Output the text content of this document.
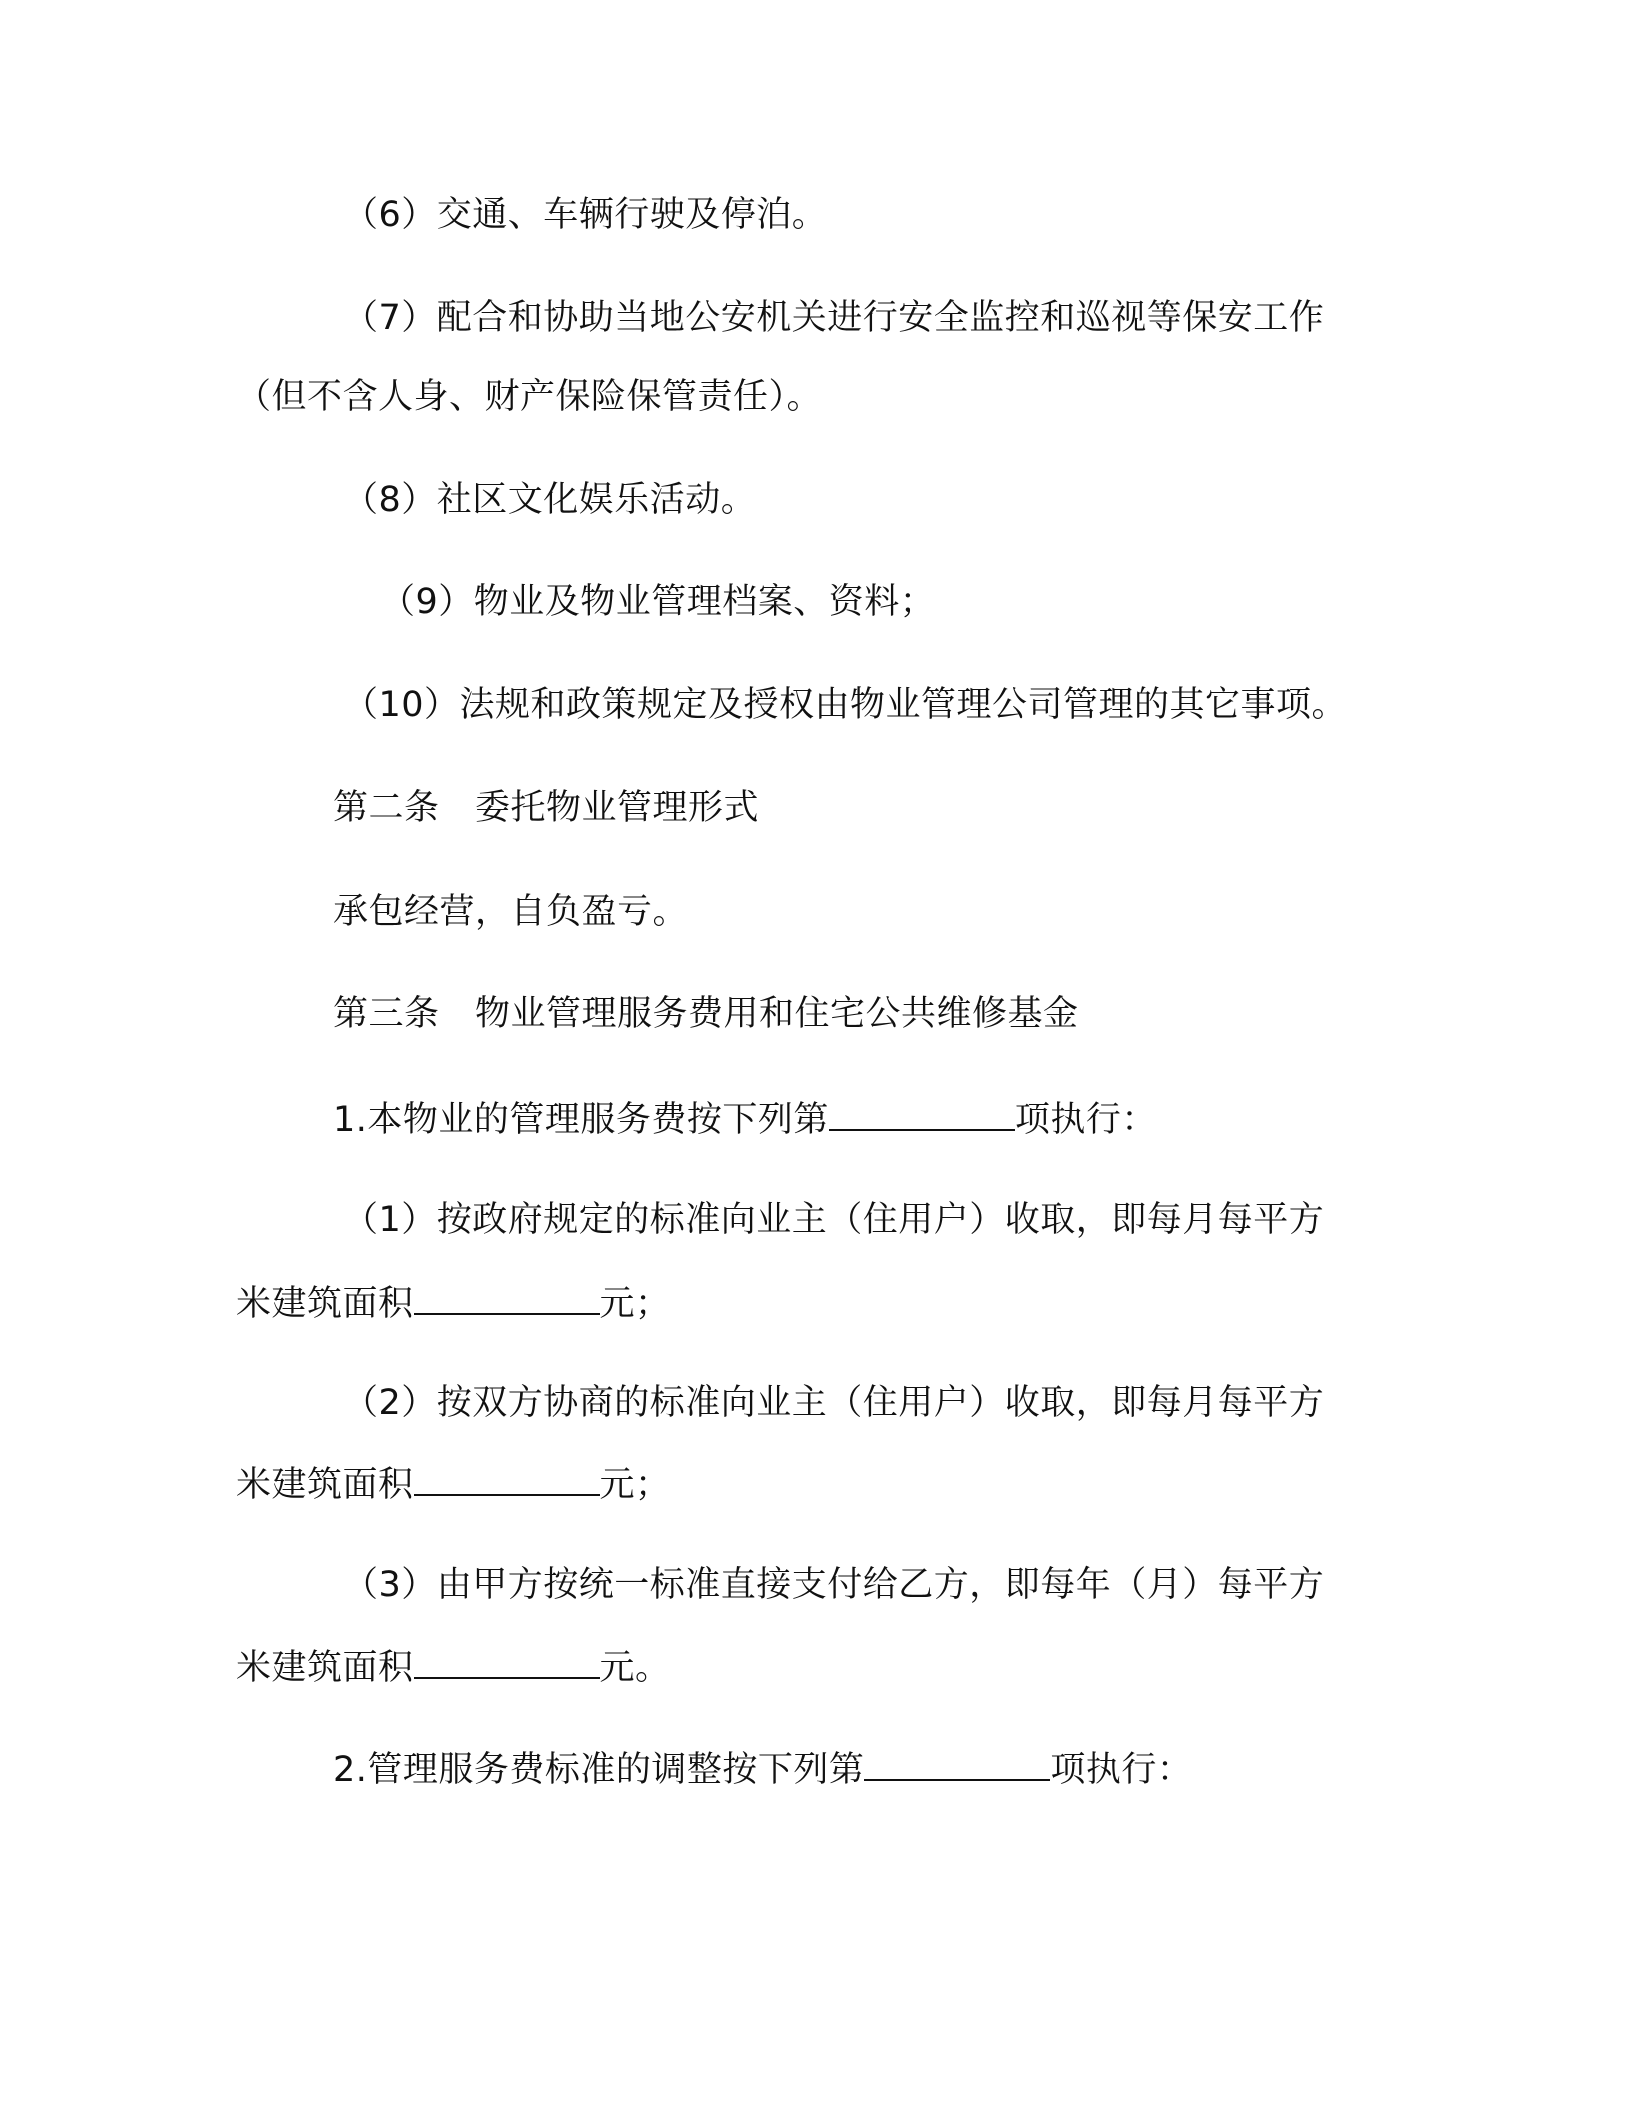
（6）交通、车辆行驶及停泊。
（7）配合和协助当地公安机关进行安全监控和巡视等保安工作
（但不含人身、财产保险保管责任）。
（8）社区文化娱乐活动。
（9）物业及物业管理档案、资料；
（10）法规和政策规定及授权由物业管理公司管理的其它事项。
第二条　委托物业管理形式
承包经营，自负盈亏。
第三条　物业管理服务费用和住宅公共维修基金
1.本物业的管理服务费按下列第	项执行：
（1）按政府规定的标准向业主（住用户）收取，即每月每平方
米建筑面积	元；
（2）按双方协商的标准向业主（住用户）收取，即每月每平方
米建筑面积	元；
（3）由甲方按统一标准直接支付给乙方，即每年（月）每平方
米建筑面积	元。
2.管理服务费标准的调整按下列第	项执行：
